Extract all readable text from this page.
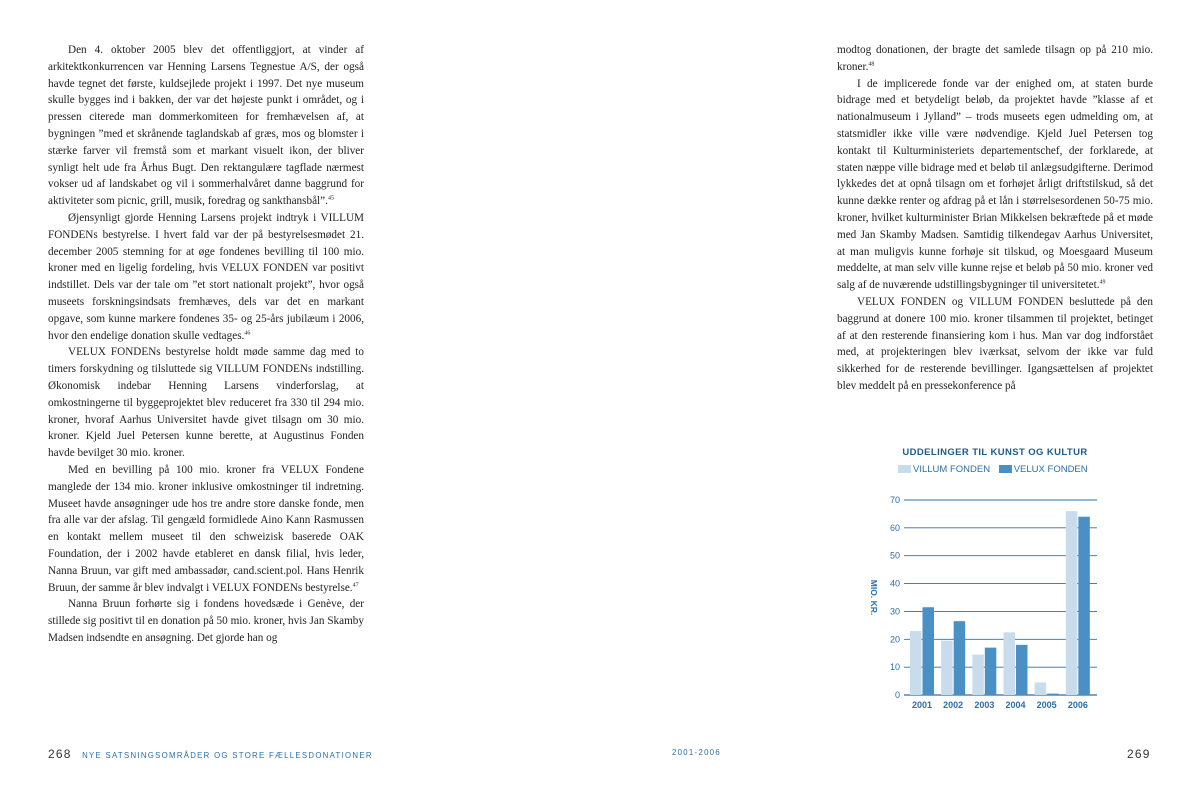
Den 4. oktober 2005 blev det offentliggjort, at vinder af arkitektkonkurrencen var Henning Larsens Tegnestue A/S, der også havde tegnet det første, kuldsejlede projekt i 1997. Det nye museum skulle bygges ind i bakken, der var det højeste punkt i området, og i pressen citerede man dommerkomiteen for fremhævelsen af, at bygningen ”med et skrånende taglandskab af græs, mos og blomster i stærke farver vil fremstå som et markant visuelt ikon, der bliver synligt helt ude fra Århus Bugt. Den rektangulære tagflade nærmest vokser ud af landskabet og vil i sommerhalvåret danne baggrund for aktiviteter som picnic, grill, musik, foredrag og sankthansbål”.$^{45}$

Øjensynligt gjorde Henning Larsens projekt indtryk i VILLUM FONDENs bestyrelse. I hvert fald var der på bestyrelsesmødet 21. december 2005 stemning for at øge fondenes bevilling til 100 mio. kroner med en ligelig fordeling, hvis VELUX FONDEN var positivt indstillet. Dels var der tale om ”et stort nationalt projekt”, hvor også museets forskningsindsats fremhæves, dels var det en markant opgave, som kunne markere fondenes 35- og 25-års jubilæum i 2006, hvor den endelige donation skulle vedtages.$^{46}$

VELUX FONDENs bestyrelse holdt møde samme dag med to timers forskydning og tilsluttede sig VILLUM FONDENs indstilling. Økonomisk indebar Henning Larsens vinderforslag, at omkostningerne til byggeprojektet blev reduceret fra 330 til 294 mio. kroner, hvoraf Aarhus Universitet havde givet tilsagn om 30 mio. kroner. Kjeld Juel Petersen kunne berette, at Augustinus Fonden havde bevilget 30 mio. kroner.

Med en bevilling på 100 mio. kroner fra VELUX Fondene manglede der 134 mio. kroner inklusive omkostninger til indretning. Museet havde ansøgninger ude hos tre andre store danske fonde, men fra alle var der afslag. Til gengæld formidlede Aino Kann Rasmussen en kontakt mellem museet til den schweizisk baserede OAK Foundation, der i 2002 havde etableret en dansk filial, hvis leder, Nanna Bruun, var gift med ambassadør, cand.scient.pol. Hans Henrik Bruun, der samme år blev indvalgt i VELUX FONDENs bestyrelse.$^{47}$

Nanna Bruun forhørte sig i fondens hovedsæde i Genève, der stillede sig positivt til en donation på 50 mio. kroner, hvis Jan Skamby Madsen indsendte en ansøgning. Det gjorde han og

modtog donationen, der bragte det samlede tilsagn op på 210 mio. kroner.$^{48}$

I de implicerede fonde var der enighed om, at staten burde bidrage med et betydeligt beløb, da projektet havde ”klasse af et nationalmuseum i Jylland” – trods museets egen udmelding om, at statsmidler ikke ville være nødvendige. Kjeld Juel Petersen tog kontakt til Kulturministeriets departementschef, der forklarede, at staten næppe ville bidrage med et beløb til anlægsudgifterne. Derimod lykkedes det at opnå tilsagn om et forhøjet årligt driftstilskud, så det kunne dække renter og afdrag på et lån i størrelsesordenen 50-75 mio. kroner, hvilket kulturminister Brian Mikkelsen bekræftede på et møde med Jan Skamby Madsen. Samtidig tilkendegav Aarhus Universitet, at man muligvis kunne forhøje sit tilskud, og Moesgaard Museum meddelte, at man selv ville kunne rejse et beløb på 50 mio. kroner ved salg af de nuværende udstillingsbygninger til universitetet.$^{49}$

VELUX FONDEN og VILLUM FONDEN besluttede på den baggrund at donere 100 mio. kroner tilsammen til projektet, betinget af at den resterende finansiering kom i hus. Man var dog indforstået med, at projekteringen blev iværksat, selvom der ikke var fuld sikkerhed for de resterende bevillinger. Igangsættelsen af projektet blev meddelt på en pressekonference på

UDDELINGER TIL KUNST OG KULTUR
VILLUM FONDEN VELUX FONDEN
0
10
20
30
40
50
60
70
MIO. KR.
2001 2002 2003 2004 2005 2006
268 NYE SATSNINGSOMRÅDER OG STORE FÆLLESDONATIONER	2001-2006	269
